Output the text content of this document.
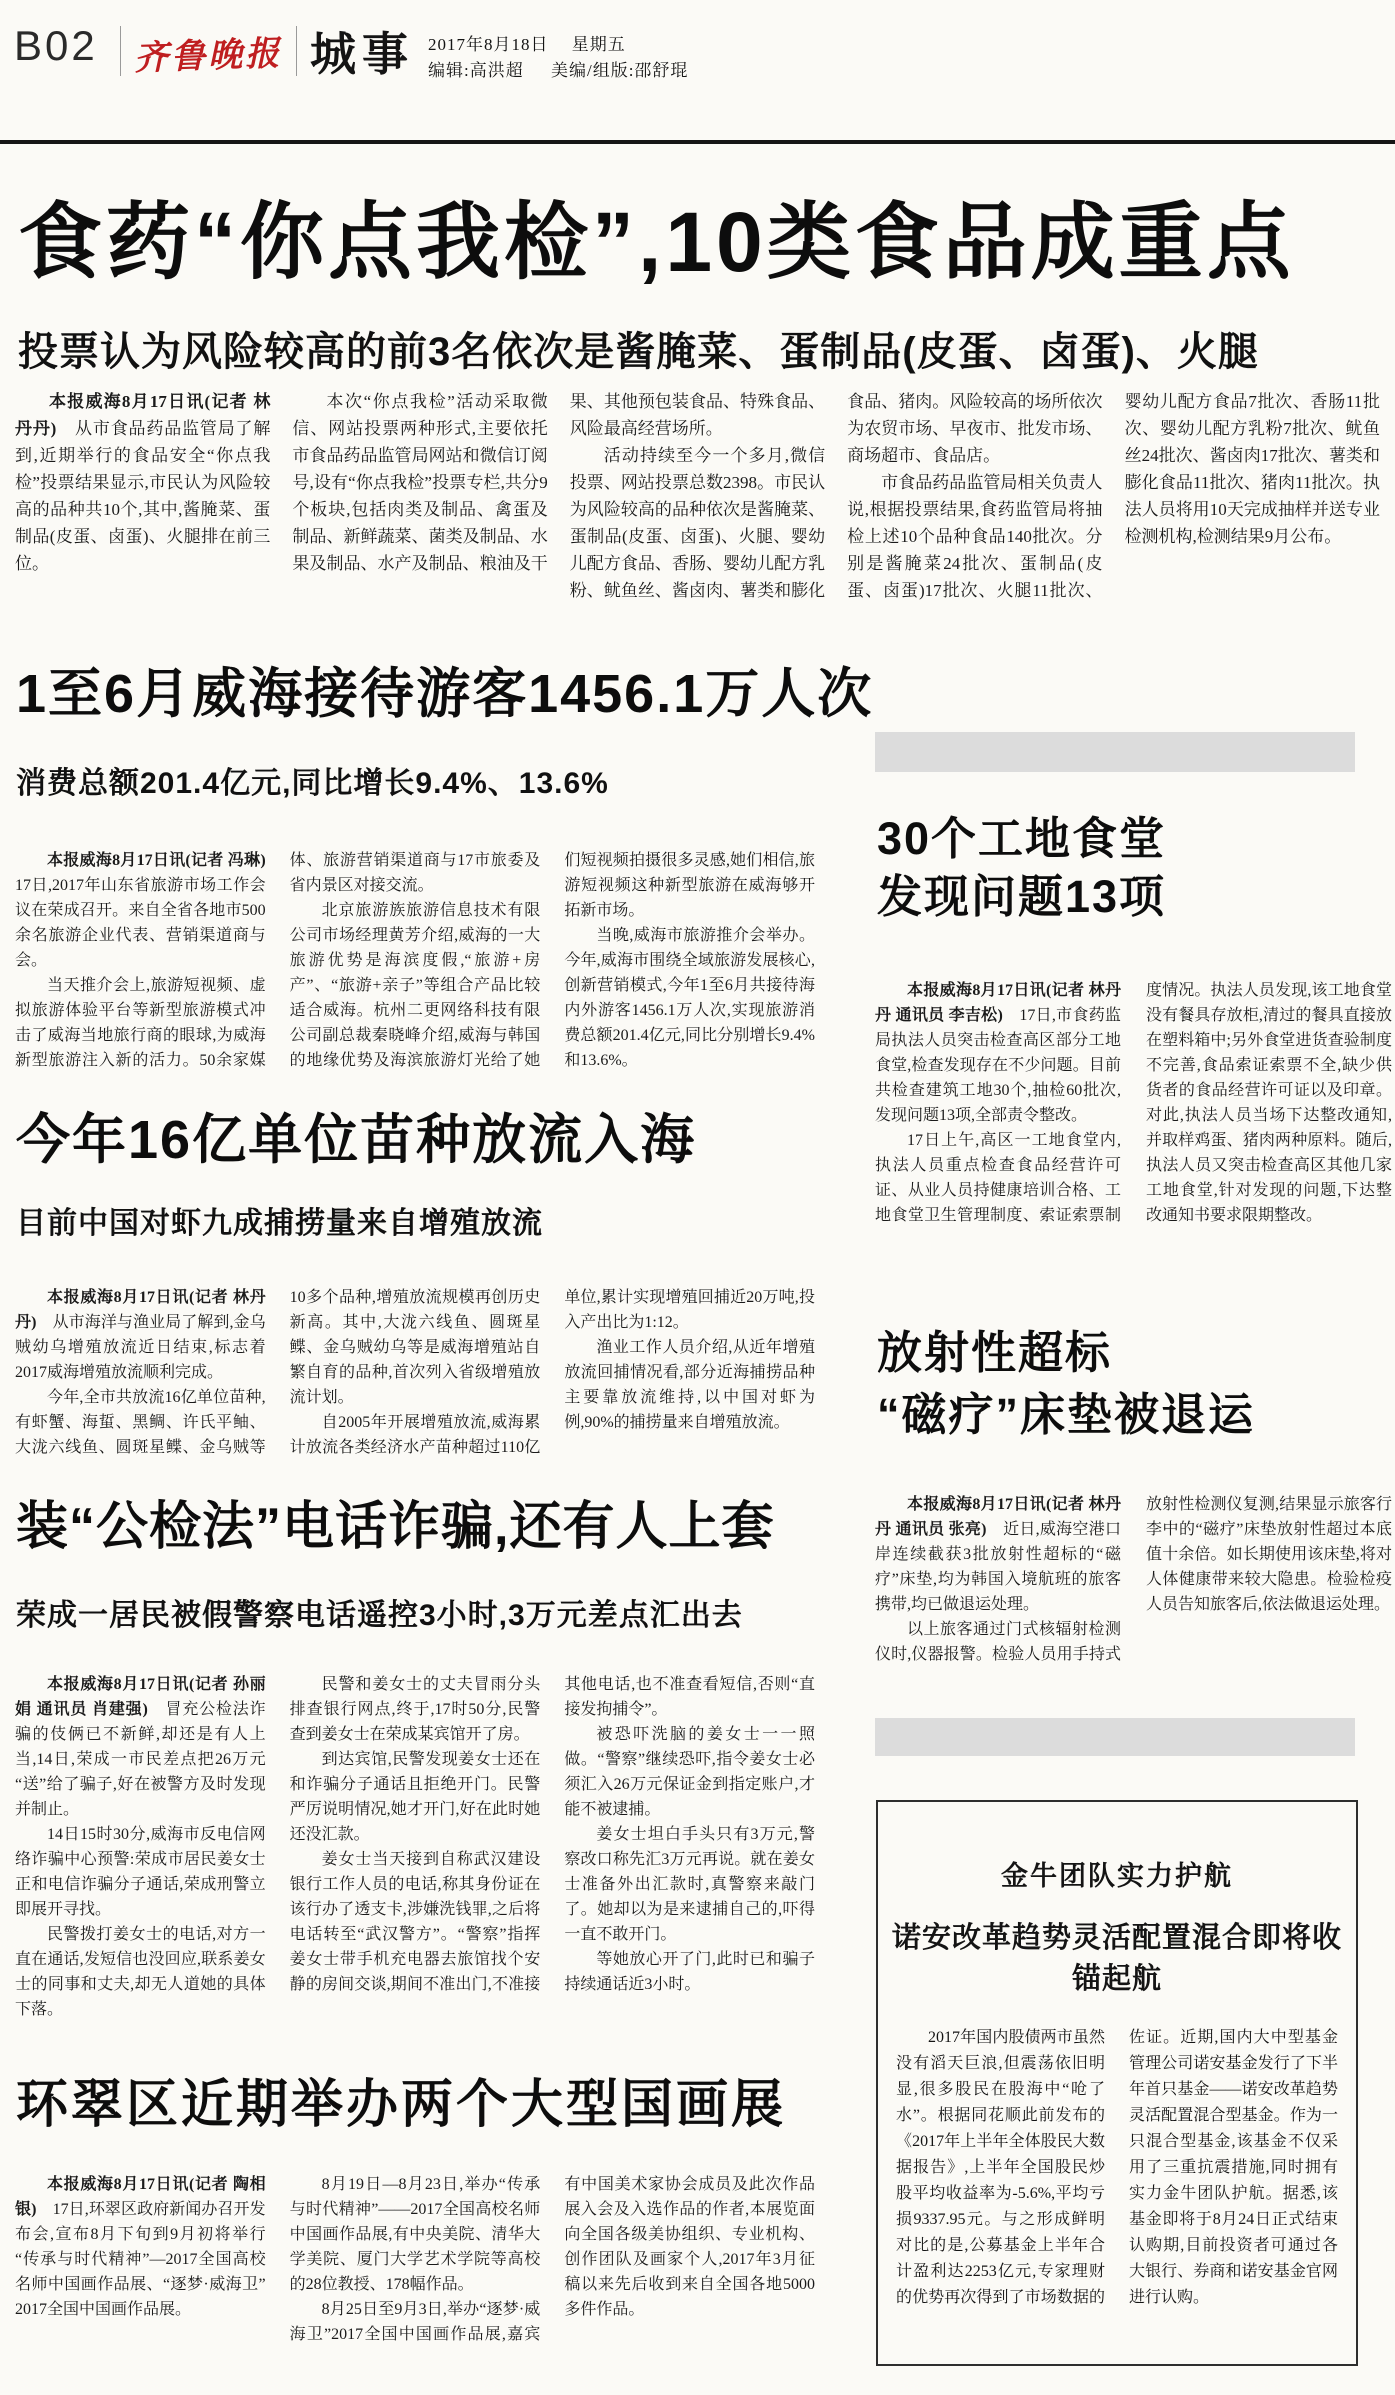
B02 齐鲁晚报 城事 2017年8月18日 星期五
编辑:高洪超 美编/组版:邵舒琨
食药“你点我检”,10类食品成重点
投票认为风险较高的前3名依次是酱腌菜、蛋制品(皮蛋、卤蛋)、火腿

本报威海8月17日讯(记者 林丹丹)　从市食品药品监管局了解到,近期举行的食品安全“你点我检”投票结果显示,市民认为风险较高的品种共10个,其中,酱腌菜、蛋制品(皮蛋、卤蛋)、火腿排在前三位。

本次“你点我检”活动采取微信、网站投票两种形式,主要依托市食品药品监管局网站和微信订阅号,设有“你点我检”投票专栏,共分9个板块,包括肉类及制品、禽蛋及制品、新鲜蔬菜、菌类及制品、水果及制品、水产及制品、粮油及干果、其他预包装食品、特殊食品、风险最高经营场所。

活动持续至今一个多月,微信投票、网站投票总数2398。市民认为风险较高的品种依次是酱腌菜、蛋制品(皮蛋、卤蛋)、火腿、婴幼儿配方食品、香肠、婴幼儿配方乳粉、鱿鱼丝、酱卤肉、薯类和膨化食品、猪肉。风险较高的场所依次为农贸市场、早夜市、批发市场、商场超市、食品店。

市食品药品监管局相关负责人说,根据投票结果,食药监管局将抽检上述10个品种食品140批次。分别是酱腌菜24批次、蛋制品(皮蛋、卤蛋)17批次、火腿11批次、婴幼儿配方食品7批次、香肠11批次、婴幼儿配方乳粉7批次、鱿鱼丝24批次、酱卤肉17批次、薯类和膨化食品11批次、猪肉11批次。执法人员将用10天完成抽样并送专业检测机构,检测结果9月公布。

1至6月威海接待游客1456.1万人次
消费总额201.4亿元,同比增长9.4%、13.6%

本报威海8月17日讯(记者 冯琳)　17日,2017年山东省旅游市场工作会议在荣成召开。来自全省各地市500余名旅游企业代表、营销渠道商与会。

当天推介会上,旅游短视频、虚拟旅游体验平台等新型旅游模式冲击了威海当地旅行商的眼球,为威海新型旅游注入新的活力。50余家媒体、旅游营销渠道商与17市旅委及省内景区对接交流。

北京旅游族旅游信息技术有限公司市场经理黄芳介绍,威海的一大旅游优势是海滨度假,“旅游+房产”、“旅游+亲子”等组合产品比较适合威海。杭州二更网络科技有限公司副总裁秦晓峰介绍,威海与韩国的地缘优势及海滨旅游灯光给了她们短视频拍摄很多灵感,她们相信,旅游短视频这种新型旅游在威海够开拓新市场。

当晚,威海市旅游推介会举办。今年,威海市围绕全域旅游发展核心,创新营销模式,今年1至6月共接待海内外游客1456.1万人次,实现旅游消费总额201.4亿元,同比分别增长9.4%和13.6%。

30个工地食堂
发现问题13项

本报威海8月17日讯(记者 林丹丹 通讯员 李吉松)　17日,市食药监局执法人员突击检查高区部分工地食堂,检查发现存在不少问题。目前共检查建筑工地30个,抽检60批次,发现问题13项,全部责令整改。

17日上午,高区一工地食堂内,执法人员重点检查食品经营许可证、从业人员持健康培训合格、工地食堂卫生管理制度、索证索票制度情况。执法人员发现,该工地食堂没有餐具存放柜,清过的餐具直接放在塑料箱中;另外食堂进货查验制度不完善,食品索证索票不全,缺少供货者的食品经营许可证以及印章。对此,执法人员当场下达整改通知,并取样鸡蛋、猪肉两种原料。随后,执法人员又突击检查高区其他几家工地食堂,针对发现的问题,下达整改通知书要求限期整改。

今年16亿单位苗种放流入海
目前中国对虾九成捕捞量来自增殖放流

本报威海8月17日讯(记者 林丹丹)　从市海洋与渔业局了解到,金乌贼幼乌增殖放流近日结束,标志着2017威海增殖放流顺利完成。

今年,全市共放流16亿单位苗种,有虾蟹、海蜇、黑鲷、许氏平鲉、大泷六线鱼、圆斑星鲽、金乌贼等10多个品种,增殖放流规模再创历史新高。其中,大泷六线鱼、圆斑星鲽、金乌贼幼乌等是威海增殖站自繁自育的品种,首次列入省级增殖放流计划。

自2005年开展增殖放流,威海累计放流各类经济水产苗种超过110亿单位,累计实现增殖回捕近20万吨,投入产出比为1:12。

渔业工作人员介绍,从近年增殖放流回捕情况看,部分近海捕捞品种主要靠放流维持,以中国对虾为例,90%的捕捞量来自增殖放流。

放射性超标
“磁疗”床垫被退运

本报威海8月17日讯(记者 林丹丹 通讯员 张亮)　近日,威海空港口岸连续截获3批放射性超标的“磁疗”床垫,均为韩国入境航班的旅客携带,均已做退运处理。

以上旅客通过门式核辐射检测仪时,仪器报警。检验人员用手持式放射性检测仪复测,结果显示旅客行李中的“磁疗”床垫放射性超过本底值十余倍。如长期使用该床垫,将对人体健康带来较大隐患。检验检疫人员告知旅客后,依法做退运处理。

装“公检法”电话诈骗,还有人上套
荣成一居民被假警察电话遥控3小时,3万元差点汇出去

本报威海8月17日讯(记者 孙丽娟 通讯员 肖建强)　冒充公检法诈骗的伎俩已不新鲜,却还是有人上当,14日,荣成一市民差点把26万元“送”给了骗子,好在被警方及时发现并制止。

14日15时30分,威海市反电信网络诈骗中心预警:荣成市居民姜女士正和电信诈骗分子通话,荣成刑警立即展开寻找。

民警拨打姜女士的电话,对方一直在通话,发短信也没回应,联系姜女士的同事和丈夫,却无人道她的具体下落。

民警和姜女士的丈夫冒雨分头排查银行网点,终于,17时50分,民警查到姜女士在荣成某宾馆开了房。

到达宾馆,民警发现姜女士还在和诈骗分子通话且拒绝开门。民警严厉说明情况,她才开门,好在此时她还没汇款。

姜女士当天接到自称武汉建设银行工作人员的电话,称其身份证在该行办了透支卡,涉嫌洗钱罪,之后将电话转至“武汉警方”。“警察”指挥姜女士带手机充电器去旅馆找个安静的房间交谈,期间不准出门,不准接其他电话,也不准查看短信,否则“直接发拘捕令”。

被恐吓洗脑的姜女士一一照做。“警察”继续恐吓,指令姜女士必须汇入26万元保证金到指定账户,才能不被逮捕。

姜女士坦白手头只有3万元,警察改口称先汇3万元再说。就在姜女士准备外出汇款时,真警察来敲门了。她却以为是来逮捕自己的,吓得一直不敢开门。

等她放心开了门,此时已和骗子持续通话近3小时。

金牛团队实力护航

诺安改革趋势灵活配置混合即将收锚起航

2017年国内股债两市虽然没有滔天巨浪,但震荡依旧明显,很多股民在股海中“呛了水”。根据同花顺此前发布的《2017年上半年全体股民大数据报告》,上半年全国股民炒股平均收益率为-5.6%,平均亏损9337.95元。与之形成鲜明对比的是,公募基金上半年合计盈利达2253亿元,专家理财的优势再次得到了市场数据的佐证。近期,国内大中型基金管理公司诺安基金发行了下半年首只基金——诺安改革趋势灵活配置混合型基金。作为一只混合型基金,该基金不仅采用了三重抗震措施,同时拥有实力金牛团队护航。据悉,该基金即将于8月24日正式结束认购期,目前投资者可通过各大银行、券商和诺安基金官网进行认购。

环翠区近期举办两个大型国画展

本报威海8月17日讯(记者 陶相银)　17日,环翠区政府新闻办召开发布会,宣布8月下旬到9月初将举行“传承与时代精神”—2017全国高校名师中国画作品展、“逐梦·威海卫”2017全国中国画作品展。

8月19日—8月23日,举办“传承与时代精神”——2017全国高校名师中国画作品展,有中央美院、清华大学美院、厦门大学艺术学院等高校的28位教授、178幅作品。

8月25日至9月3日,举办“逐梦·威海卫”2017全国中国画作品展,嘉宾有中国美术家协会成员及此次作品展入会及入选作品的作者,本展览面向全国各级美协组织、专业机构、创作团队及画家个人,2017年3月征稿以来先后收到来自全国各地5000多件作品。
